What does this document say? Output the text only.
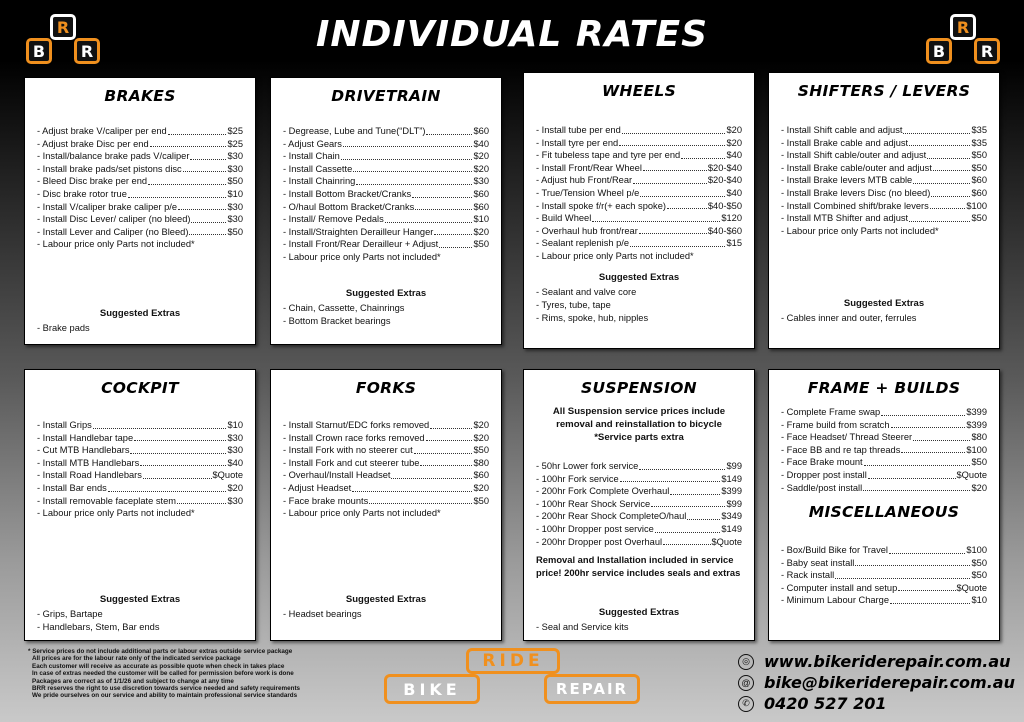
R
B	R
R
B	R
INDIVIDUAL RATES
BRAKES
- Adjust brake V/caliper per end	$25
- Adjust brake Disc per end	$25
- Install/balance brake pads V/caliper	$30
- Install brake pads/set pistons disc	$30
- Bleed Disc brake per end	$50
- Disc brake rotor true	$10
- Install V/caliper brake caliper p/e	$30
- Install Disc Lever/ caliper (no bleed)	$30
- Install Lever and Caliper (no Bleed)	$50
- Labour price only Parts not included*
Suggested Extras
- Brake pads
DRIVETRAIN
- Degrease, Lube and Tune(“DLT”)	$60
- Adjust Gears	$40
- Install Chain	$20
- Install Cassette	$20
- Install Chainring	$30
- Install Bottom Bracket/Cranks	$60
- O/haul Bottom Bracket/Cranks	$60
- Install/ Remove Pedals	$10
- Install/Straighten Derailleur Hanger	$20
- Install Front/Rear Derailleur + Adjust	$50
- Labour price only Parts not included*
Suggested Extras
- Chain, Cassette, Chainrings
- Bottom Bracket bearings
WHEELS
- Install tube per end	$20
- Install tyre per end	$20
- Fit tubeless tape and tyre per end	$40
- Install Front/Rear Wheel	$20-$40
- Adjust hub Front/Rear	$20-$40
- True/Tension Wheel p/e	$40
- Install spoke f/r(+ each spoke)	$40-$50
- Build Wheel	$120
- Overhaul hub front/rear	$40-$60
- Sealant replenish p/e	$15
- Labour price only Parts not included*
Suggested Extras
- Sealant and valve core
- Tyres, tube, tape
- Rims, spoke, hub, nipples
SHIFTERS / LEVERS
- Install Shift cable and adjust	$35
- Install Brake cable and adjust	$35
- Install Shift cable/outer and adjust	$50
- Install Brake cable/outer and adjust	$50
- Install Brake levers MTB cable	$60
- Install Brake levers Disc (no bleed)	$60
- Install Combined shift/brake levers	$100
- Install MTB Shifter and adjust	$50
- Labour price only Parts not included*
Suggested Extras
- Cables inner and outer, ferrules
COCKPIT
- Install Grips	$10
- Install Handlebar tape	$30
- Cut MTB Handlebars	$30
- Install MTB Handlebars	$40
- Install Road Handlebars	$Quote
- Install Bar ends	$20
- Install removable faceplate stem	$30
- Labour price only Parts not included*
Suggested Extras
- Grips, Bartape
- Handlebars, Stem, Bar ends
FORKS
- Install Starnut/EDC forks removed	$20
- Install Crown race forks removed	$20
- Install Fork with no steerer cut	$50
- Install Fork and cut steerer tube	$80
- Overhaul/Install Headset	$60
- Adjust Headset	$20
- Face brake mounts	$50
- Labour price only Parts not included*
Suggested Extras
- Headset bearings
SUSPENSION
All Suspension service prices include removal and reinstallation to bicycle *Service parts extra
- 50hr Lower fork service	$99
- 100hr Fork service	$149
- 200hr Fork Complete Overhaul	$399
- 100hr Rear Shock Service	$99
- 200hr Rear Shock CompleteO/haul	$349
- 100hr Dropper post service	$149
- 200hr Dropper post Overhaul	$Quote
Removal and Installation included in service price! 200hr service includes seals and extras
Suggested Extras
- Seal and Service kits
FRAME + BUILDS
- Complete Frame swap	$399
- Frame build from scratch	$399
- Face Headset/ Thread Steerer	$80
- Face BB and re tap threads	$100
- Face Brake mount	$50
- Dropper post install	$Quote
- Saddle/post install	$20
MISCELLANEOUS
- Box/Build Bike for Travel	$100
- Baby seat install	$50
- Rack install	$50
- Computer install and setup	$Quote
- Minimum Labour Charge	$10
* Service prices do not include additional parts or labour extras outside service package
All prices are for the labour rate only of the indicated service package
Each customer will receive as accurate as possible quote when check in takes place
In case of extras needed the customer will be called for permission before work is done
Packages are correct as of 1/1/26 and subject to change at any time
BRR reserves the right to use discretion towards service needed and safety requirements
We pride ourselves on our service and ability to maintain professional service standards
RIDE
BIKE	REPAIR
◎ www.bikeriderepair.com.au
@ bike@bikeriderepair.com.au
✆ 0420 527 201
